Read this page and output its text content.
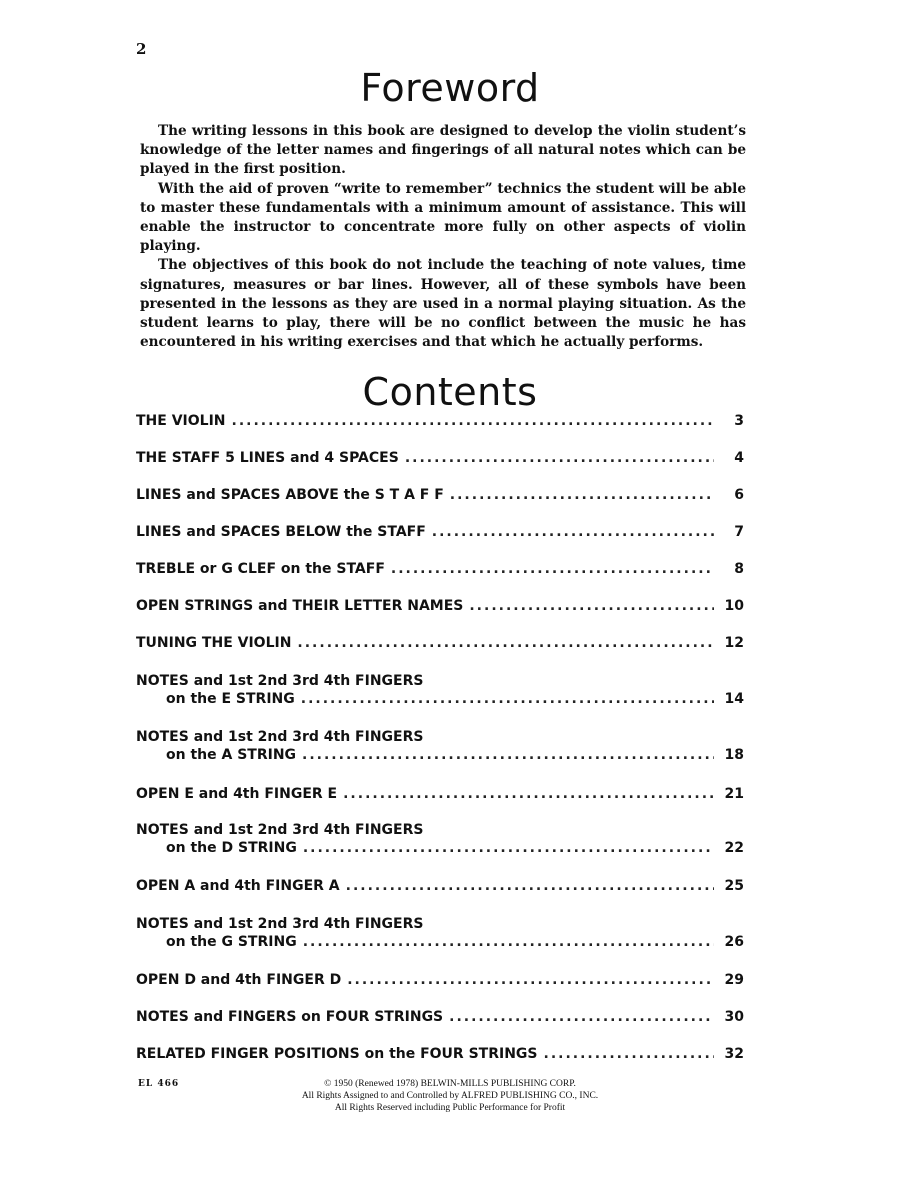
2
Foreword

The writing lessons in this book are designed to develop the violin student’s knowledge of the letter names and fingerings of all natural notes which can be played in the first position.

With the aid of proven “write to remember” technics the student will be able to master these fundamentals with a minimum amount of assistance. This will enable the instructor to concentrate more fully on other aspects of violin playing.

The objectives of this book do not include the teaching of note values, time signatures, measures or bar lines. However, all of these symbols have been presented in the lessons as they are used in a normal playing situation. As the student learns to play, there will be no conflict between the music he has encountered in his writing exercises and that which he actually performs.

Contents
THE VIOLIN .....	3
THE STAFF 5 LINES and 4 SPACES .....	4
LINES and SPACES ABOVE the S T A F F .....	6
LINES and SPACES BELOW the STAFF .....	7
TREBLE or G CLEF on the STAFF .....	8
OPEN STRINGS and THEIR LETTER NAMES .....	10
TUNING THE VIOLIN .....	12
NOTES and 1st 2nd 3rd 4th FINGERS
on the E STRING .....	14
NOTES and 1st 2nd 3rd 4th FINGERS
on the A STRING .....	18
OPEN E and 4th FINGER E .....	21
NOTES and 1st 2nd 3rd 4th FINGERS
on the D STRING .....	22
OPEN A and 4th FINGER A .....	25
NOTES and 1st 2nd 3rd 4th FINGERS
on the G STRING .....	26
OPEN D and 4th FINGER D .....	29
NOTES and FINGERS on FOUR STRINGS .....	30
RELATED FINGER POSITIONS on the FOUR STRINGS .....	32
EL 466	© 1950 (Renewed 1978) BELWIN-MILLS PUBLISHING CORP.
All Rights Assigned to and Controlled by ALFRED PUBLISHING CO., INC.
All Rights Reserved including Public Performance for Profit
